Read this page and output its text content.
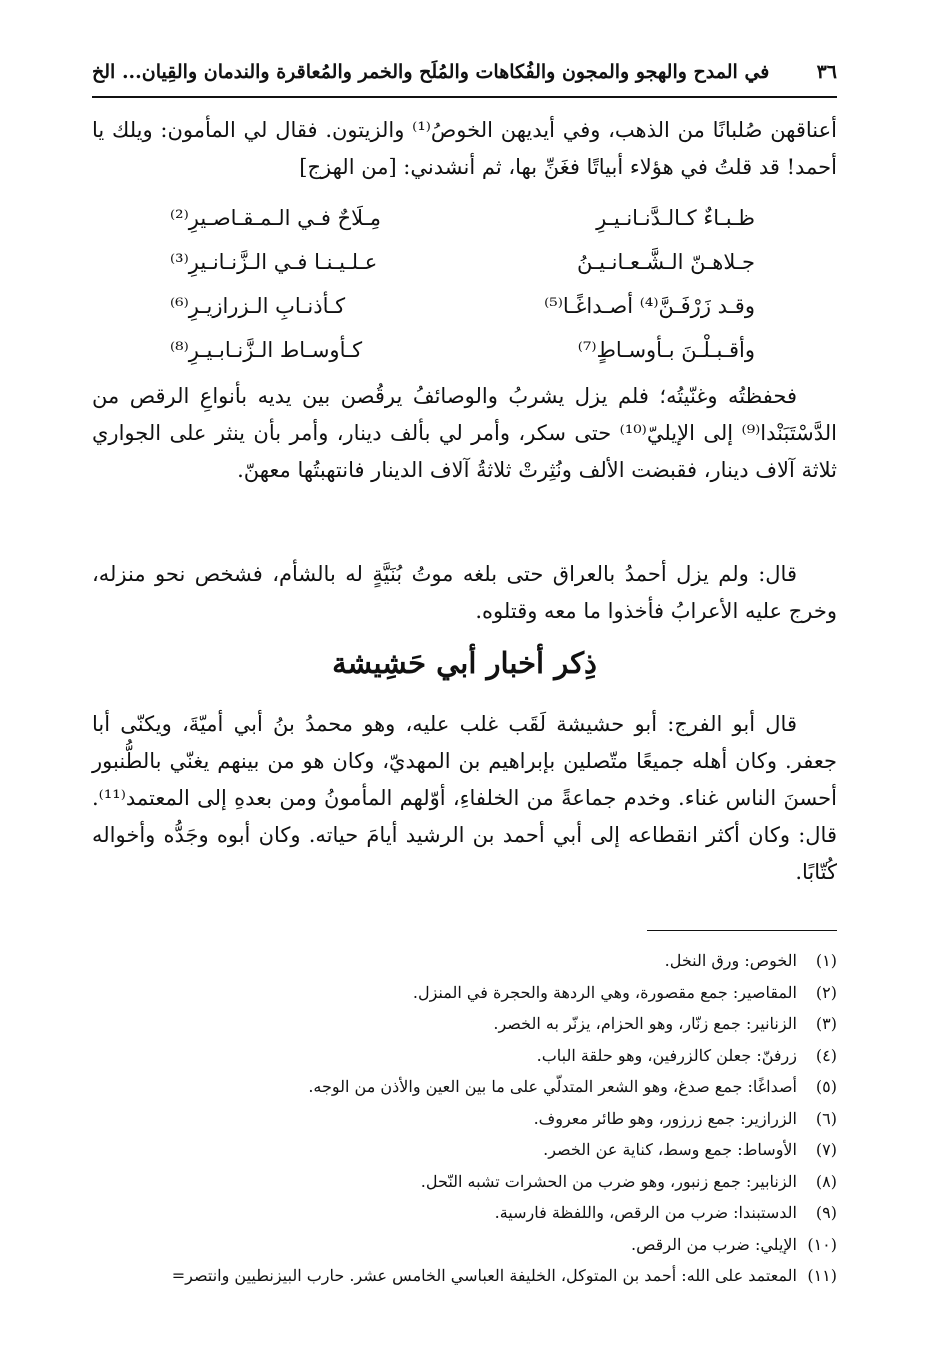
٣٦
في المدح والهجو والمجون والفُكاهات والمُلَح والخمر والمُعاقرة والندمان والقِيان... الخ

أعناقهن صُلبانًا من الذهب، وفي أيديهن الخوصُ⁽¹⁾ والزيتون. فقال لي المأمون: ويلك يا أحمد! قد قلتُ في هؤلاء أبياتًا فغَنِّ بها، ثم أنشدني: [من الهزج]

ظـبـاءٌ كـالـدَّنـانـيـرِ
مِـلَاحٌ فـي الـمـقـاصـيرِ⁽²⁾
جـلاهـنّ الـشَّـعـانـيـنُ
عـلـيـنـا فـي الـزَّنـانـيرِ⁽³⁾
وقـد زَرْفَـنَّ⁽⁴⁾ أصـداغًـا⁽⁵⁾
كـأذنـابِ الـزرازيـرِ⁽⁶⁾
وأقـبـلْـنَ بـأوسـاطٍ⁽⁷⁾
كـأوسـاط الـزَّنـابـيـرِ⁽⁸⁾

فحفظتُه وغنّيتُه؛ فلم يزل يشربُ والوصائفُ يرقُصن بين يديه بأنواعِ الرقص من الدَّسْتَبَنْدا⁽⁹⁾ إلى الإيليّ⁽¹⁰⁾ حتى سكر، وأمر لي بألف دينار، وأمر بأن ينثر على الجواري ثلاثة آلاف دينار، فقبضت الألف ونُثِرتْ ثلاثةُ آلاف الدينار فانتهبتُها معهنّ.

قال: ولم يزل أحمدُ بالعراق حتى بلغه موتُ بُنَيَّةٍ له بالشأم، فشخص نحو منزله، وخرج عليه الأعرابُ فأخذوا ما معه وقتلوه.

ذِكر أخبار أبي حَشِيشة

قال أبو الفرج: أبو حشيشة لَقَب غلب عليه، وهو محمدُ بنُ أبي أميّةَ، ويكنّى أبا جعفر. وكان أهله جميعًا متّصلين بإبراهيم بن المهديّ، وكان هو من بينهم يغنّي بالطُّنبور أحسنَ الناس غناء. وخدم جماعةً من الخلفاءِ، أوّلهم المأمونُ ومن بعدهِ إلى المعتمد⁽¹¹⁾. قال: وكان أكثر انقطاعه إلى أبي أحمد بن الرشيد أيامَ حياته. وكان أبوه وجَدُّه وأخواله كُتّابًا.

(١)
الخوص: ورق النخل.
(٢)
المقاصير: جمع مقصورة، وهي الردهة والحجرة في المنزل.
(٣)
الزنانير: جمع زنّار، وهو الحزام، يزنّر به الخصر.
(٤)
زرفنّ: جعلن كالزرفين، وهو حلقة الباب.
(٥)
أصداغًا: جمع صدغ، وهو الشعر المتدلّي على ما بين العين والأذن من الوجه.
(٦)
الزرازير: جمع زرزور، وهو طائر معروف.
(٧)
الأوساط: جمع وسط، كناية عن الخصر.
(٨)
الزنابير: جمع زنبور، وهو ضرب من الحشرات تشبه النّحل.
(٩)
الدستبندا: ضرب من الرقص، واللفظة فارسية.
(١٠)
الإيلي: ضرب من الرقص.
(١١)
المعتمد على الله: أحمد بن المتوكل، الخليفة العباسي الخامس عشر. حارب البيزنطيين وانتصر=
